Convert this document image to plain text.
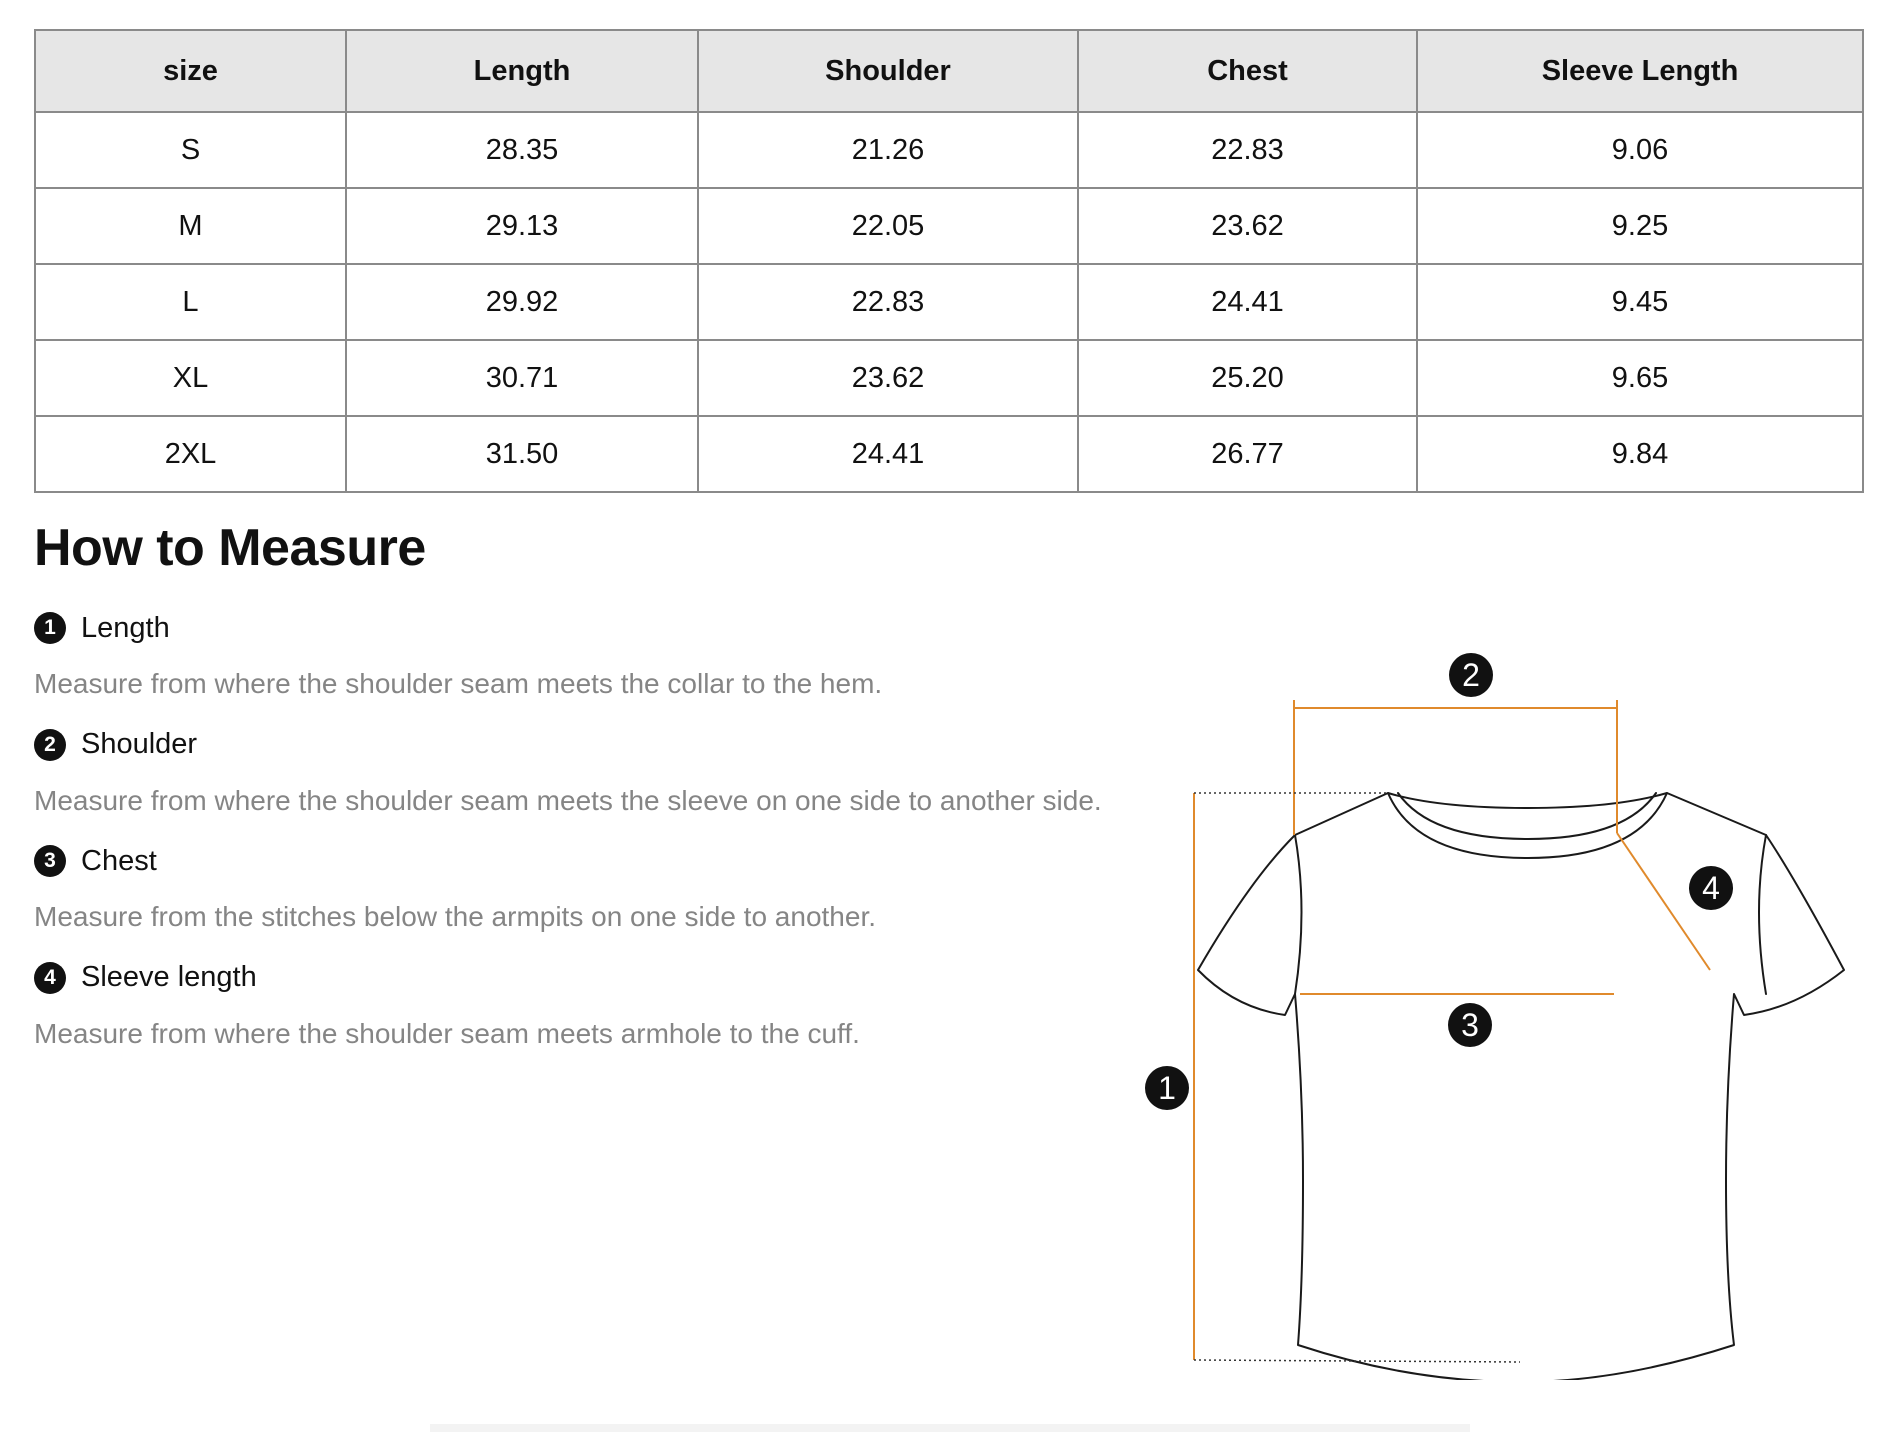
size	Length	Shoulder	Chest	Sleeve Length
S	28.35	21.26	22.83	9.06
M	29.13	22.05	23.62	9.25
L	29.92	22.83	24.41	9.45
XL	30.71	23.62	25.20	9.65
2XL	31.50	24.41	26.77	9.84
How to Measure
1 Length
Measure from where the shoulder seam meets the collar to the hem.
2 Shoulder
Measure from where the shoulder seam meets the sleeve on one side to another side.
3 Chest
Measure from the stitches below the armpits on one side to another.
4 Sleeve length
Measure from where the shoulder seam meets armhole to the cuff.
1
2
3
4
